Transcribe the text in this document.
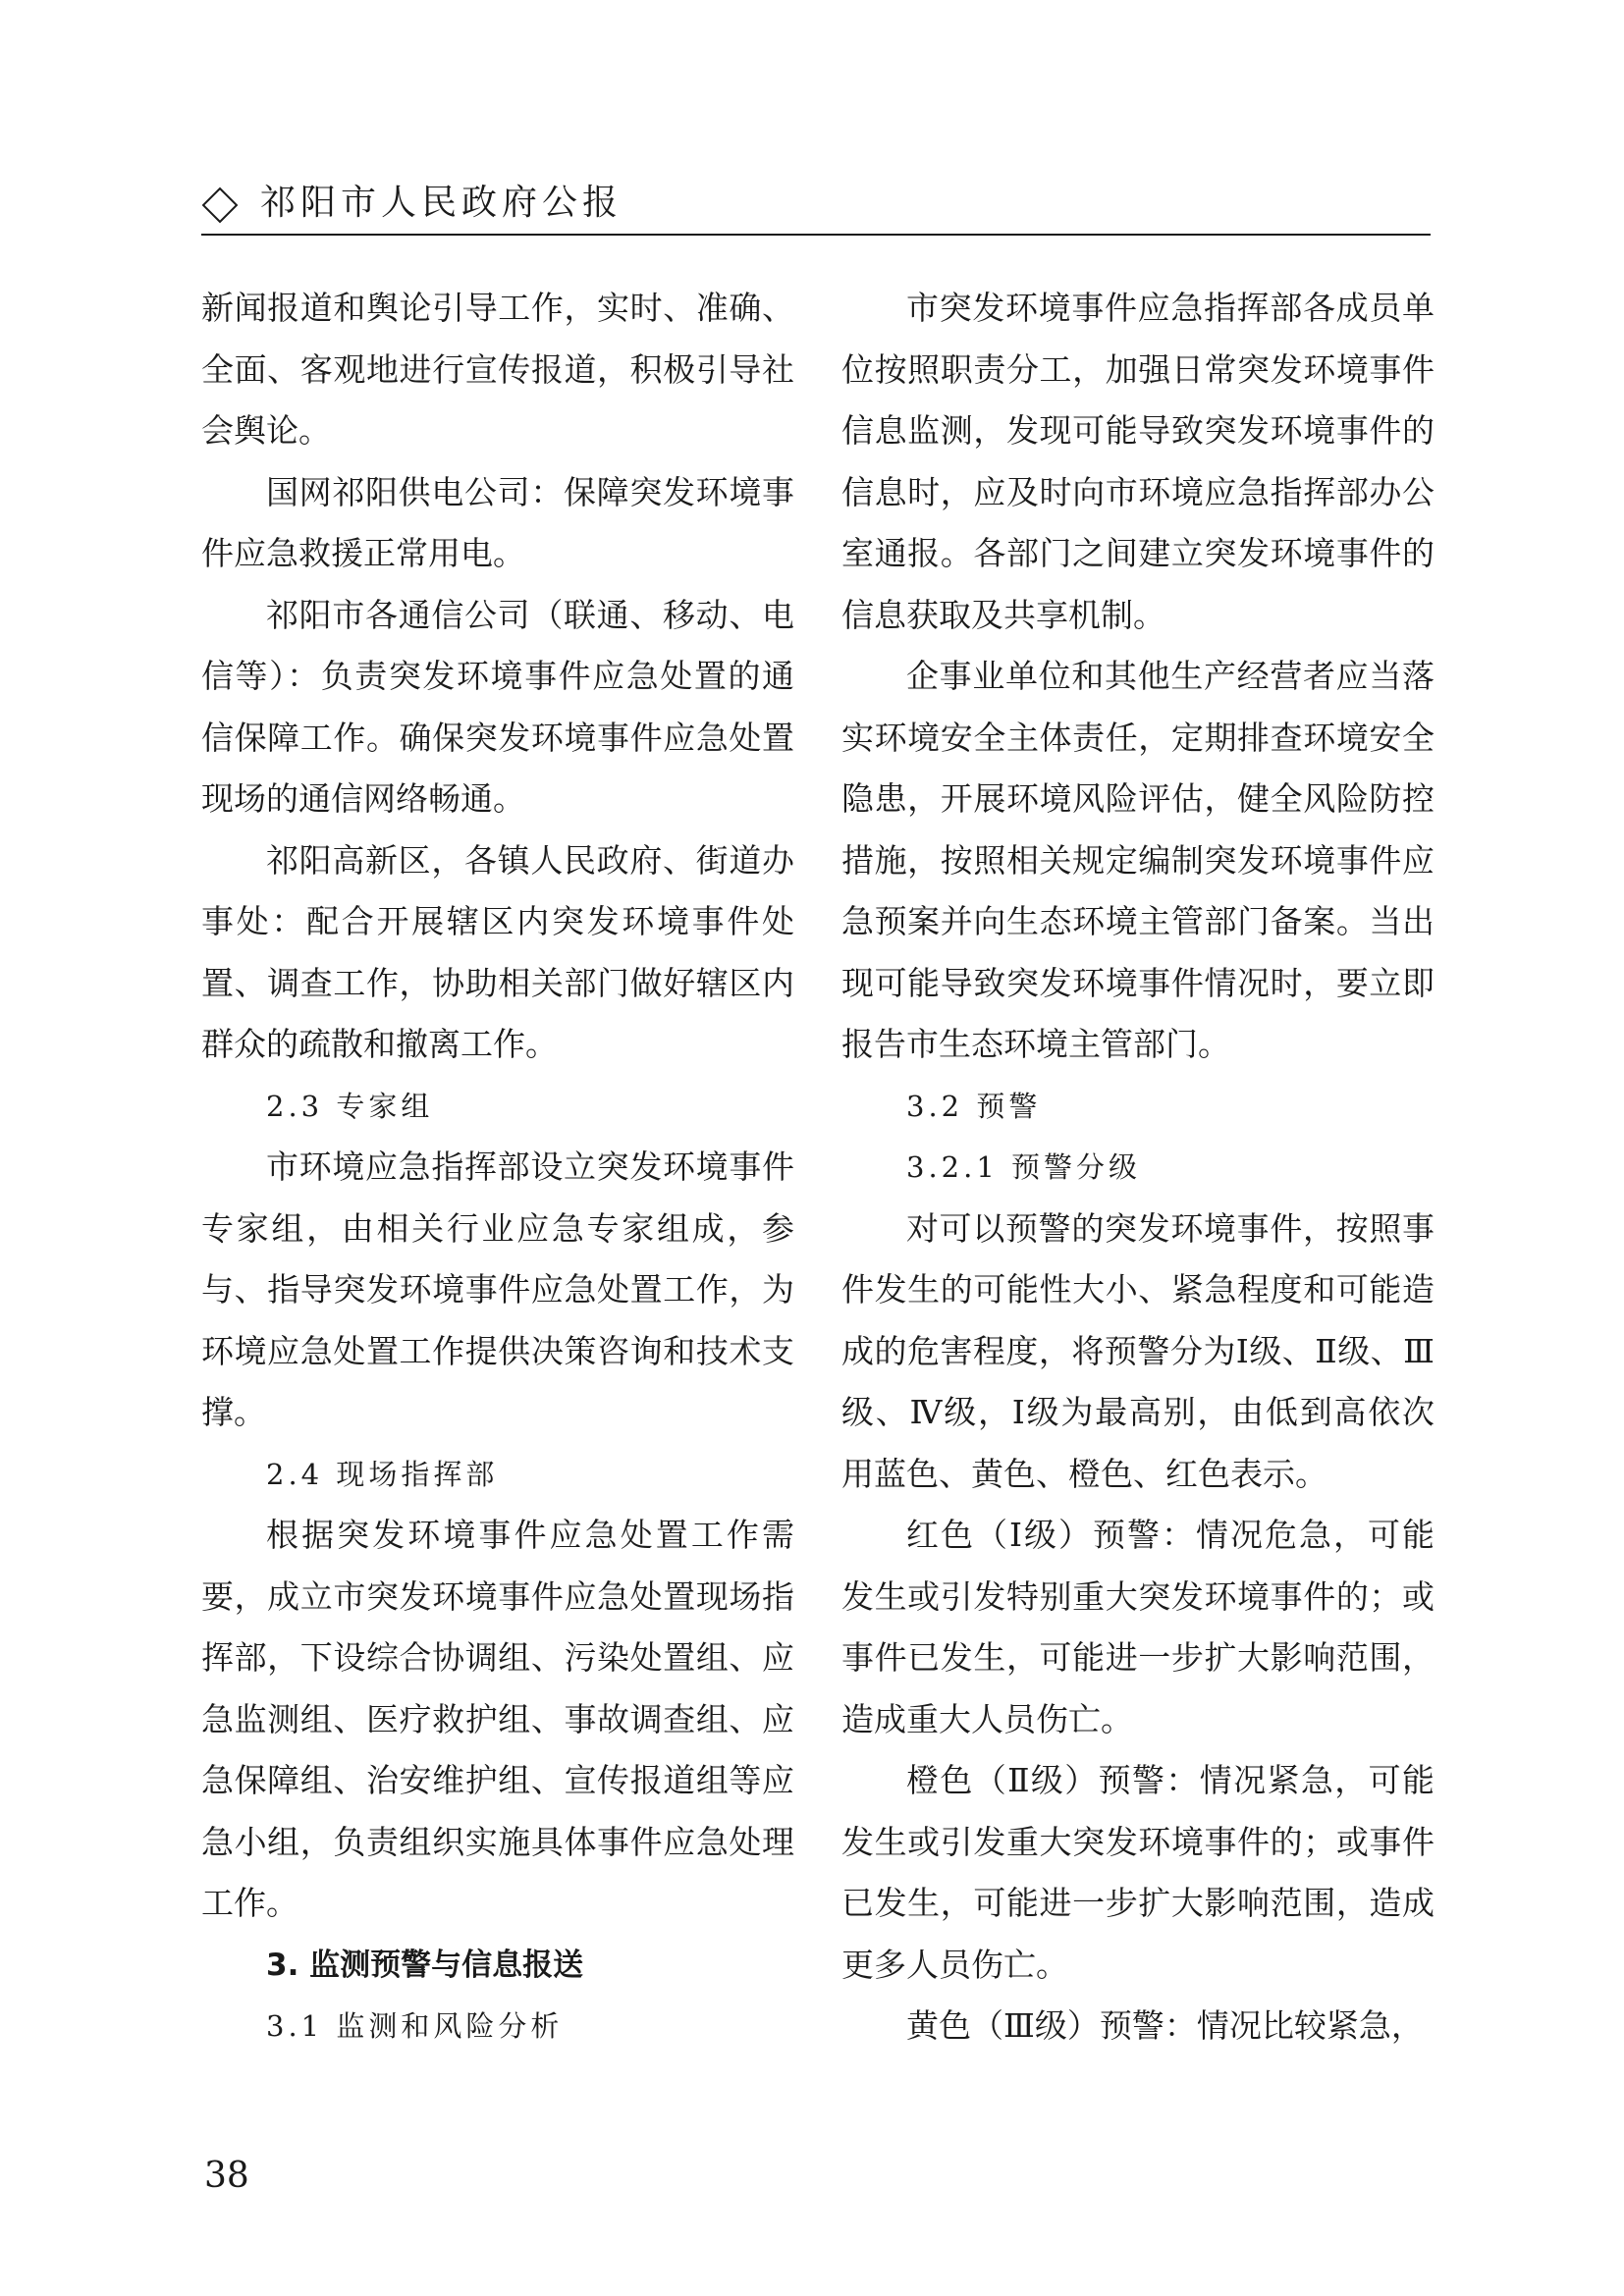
祁阳市人民政府公报

新闻报道和舆论引导工作，实时、准确、全面、客观地进行宣传报道，积极引导社会舆论。

国网祁阳供电公司：保障突发环境事件应急救援正常用电。

祁阳市各通信公司（联通、移动、电信等）：负责突发环境事件应急处置的通信保障工作。确保突发环境事件应急处置现场的通信网络畅通。

祁阳高新区，各镇人民政府、街道办事处：配合开展辖区内突发环境事件处置、调查工作，协助相关部门做好辖区内群众的疏散和撤离工作。

2.3 专家组

市环境应急指挥部设立突发环境事件专家组，由相关行业应急专家组成，参与、指导突发环境事件应急处置工作，为环境应急处置工作提供决策咨询和技术支撑。

2.4 现场指挥部

根据突发环境事件应急处置工作需要，成立市突发环境事件应急处置现场指挥部，下设综合协调组、污染处置组、应急监测组、医疗救护组、事故调查组、应急保障组、治安维护组、宣传报道组等应急小组，负责组织实施具体事件应急处理工作。

3. 监测预警与信息报送

3.1 监测和风险分析

市突发环境事件应急指挥部各成员单位按照职责分工，加强日常突发环境事件信息监测，发现可能导致突发环境事件的信息时，应及时向市环境应急指挥部办公室通报。各部门之间建立突发环境事件的信息获取及共享机制。

企事业单位和其他生产经营者应当落实环境安全主体责任，定期排查环境安全隐患，开展环境风险评估，健全风险防控措施，按照相关规定编制突发环境事件应急预案并向生态环境主管部门备案。当出现可能导致突发环境事件情况时，要立即报告市生态环境主管部门。

3.2 预警

3.2.1 预警分级

对可以预警的突发环境事件，按照事件发生的可能性大小、紧急程度和可能造成的危害程度，将预警分为Ⅰ级、Ⅱ级、Ⅲ级、Ⅳ级，Ⅰ级为最高别，由低到高依次用蓝色、黄色、橙色、红色表示。

红色（Ⅰ级）预警：情况危急，可能发生或引发特别重大突发环境事件的；或事件已发生，可能进一步扩大影响范围，造成重大人员伤亡。

橙色（Ⅱ级）预警：情况紧急，可能发生或引发重大突发环境事件的；或事件已发生，可能进一步扩大影响范围，造成更多人员伤亡。

黄色（Ⅲ级）预警：情况比较紧急，

38
